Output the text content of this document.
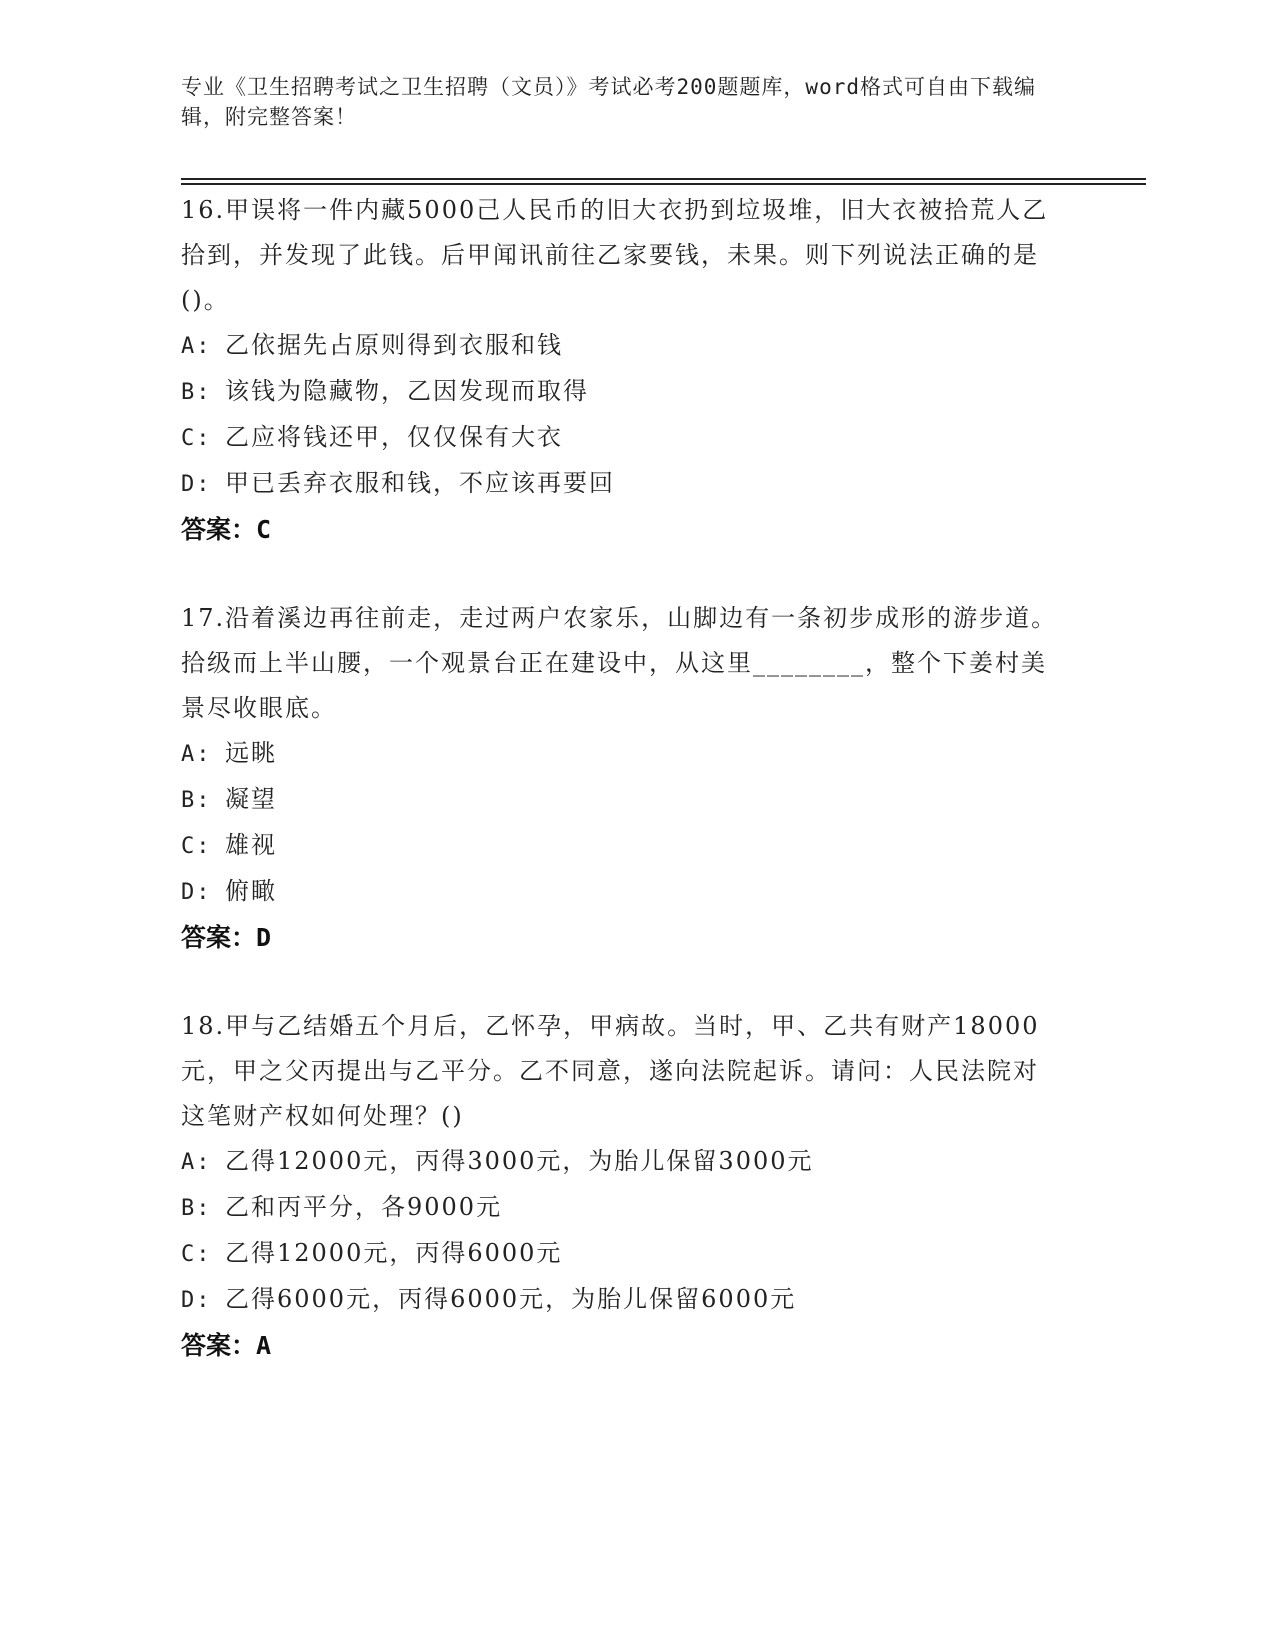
专业《卫生招聘考试之卫生招聘（文员）》考试必考200题题库，word格式可自由下载编辑，附完整答案！
16.甲误将一件内藏5000己人民币的旧大衣扔到垃圾堆，旧大衣被拾荒人乙拾到，并发现了此钱。后甲闻讯前往乙家要钱，未果。则下列说法正确的是()。
A: 乙依据先占原则得到衣服和钱
B: 该钱为隐藏物，乙因发现而取得
C: 乙应将钱还甲，仅仅保有大衣
D: 甲已丢弃衣服和钱，不应该再要回
答案：C
17.沿着溪边再往前走，走过两户农家乐，山脚边有一条初步成形的游步道。拾级而上半山腰，一个观景台正在建设中，从这里________，整个下姜村美景尽收眼底。
A: 远眺
B: 凝望
C: 雄视
D: 俯瞰
答案：D
18.甲与乙结婚五个月后，乙怀孕，甲病故。当时，甲、乙共有财产18000元，甲之父丙提出与乙平分。乙不同意，遂向法院起诉。请问：人民法院对这笔财产权如何处理？()
A: 乙得12000元，丙得3000元，为胎儿保留3000元
B: 乙和丙平分，各9000元
C: 乙得12000元，丙得6000元
D: 乙得6000元，丙得6000元，为胎儿保留6000元
答案：A
